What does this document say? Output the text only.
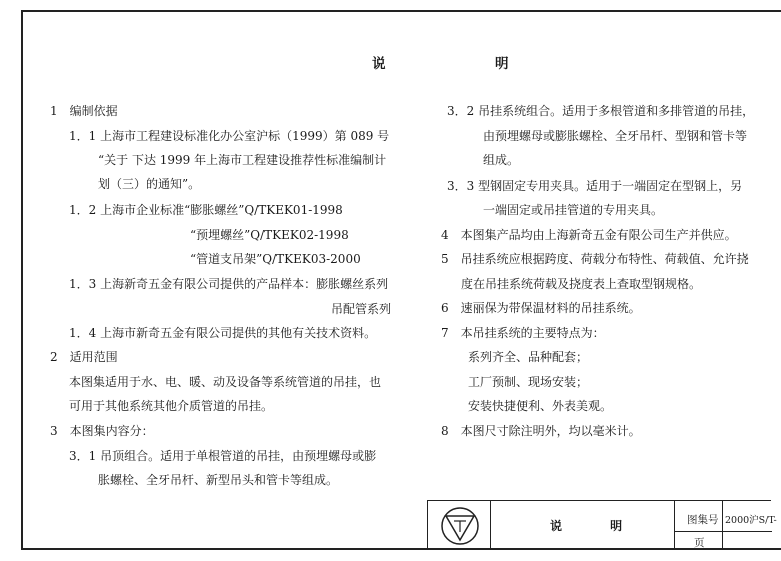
说　明
1　编制依据
1．1 上海市工程建设标准化办公室沪标（1999）第 089 号
“关于 下达 1999 年上海市工程建设推荐性标准编制计
划（三）的通知”。
1．2 上海市企业标准“膨胀螺丝”Q/TKEK01-1998
“预埋螺丝”Q/TKEK02-1998
“管道支吊架”Q/TKEK03-2000
1．3 上海新奇五金有限公司提供的产品样本：膨胀螺丝系列
吊配管系列
1．4 上海市新奇五金有限公司提供的其他有关技术资料。
2　适用范围
本图集适用于水、电、暖、动及设备等系统管道的吊挂，也
可用于其他系统其他介质管道的吊挂。
3　本图集内容分：
3．1 吊顶组合。适用于单根管道的吊挂，由预埋螺母或膨
胀螺栓、全牙吊杆、新型吊头和管卡等组成。
3．2 吊挂系统组合。适用于多根管道和多排管道的吊挂，
由预埋螺母或膨胀螺栓、全牙吊杆、型钢和管卡等
组成。
3．3 型钢固定专用夹具。适用于一端固定在型钢上，另
一端固定或吊挂管道的专用夹具。
4　本图集产品均由上海新奇五金有限公司生产并供应。
5　吊挂系统应根据跨度、荷载分布特性、荷载值、允许挠
度在吊挂系统荷载及挠度表上查取型钢规格。
6　速丽保为带保温材料的吊挂系统。
7　本吊挂系统的主要特点为：
系列齐全、品种配套；
工厂预制、现场安装；
安装快捷便利、外表美观。
8　本图尺寸除注明外，均以毫米计。
说 明	图集号 2000沪S/T-
页
